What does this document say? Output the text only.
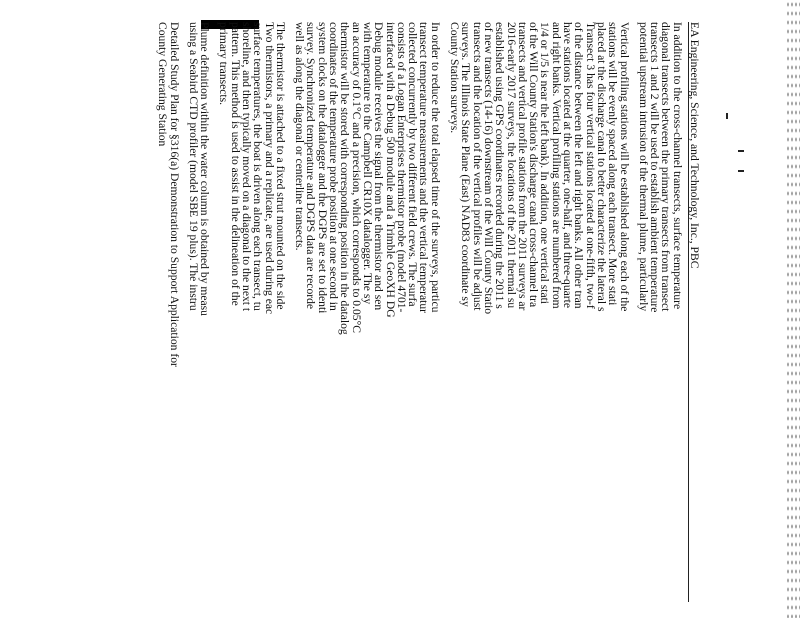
EA Engineering, Science, and Technology, Inc., PBC
In addition to the cross-channel transects, surface temperature
diagonal transects between the primary transects from transect
transects 1 and 2 will be used to establish ambient temperature
potential upstream intrusion of the thermal plume, particularly
Vertical profiling stations will be established along each of the
stations will be evenly spaced along each transect. More stati
placed at the discharge canal to better characterize the lateral s
Transect 3 has four vertical stations located at one-fifth, two-f
of the distance between the left and right banks. All other tran
have stations located at the quarter, one-half, and three-quarte
and right banks. Vertical profiling stations are numbered from
1/4 or 1/5 is near the left bank). In addition, one vertical stati
of the Will County Station's discharge canal cross-channel tra
transects and vertical profile stations from the 2011 surveys ar
2016-early 2017 surveys, the locations of the 2011 thermal su
established using GPS coordinates recorded during the 2011 s
of new transects (14-16) downstream of the Will County Statio
transects and the location of the vertical profiles will be adjust
surveys. The Illinois State Plane (East) NAD83 coordinate sy
County Station surveys.
In order to reduce the total elapsed time of the surveys, particu
transect temperature measurements and the vertical temperatur
collected concurrently by two different field crews. The surfa
consists of a Logan Enterprises thermistor probe (model 4701-
interfaced with a Debug 500 module and a Trimble GeoXH DG
Debug module receives the signal from the thermistor and sen
with temperature to the Campbell CR10X datalogger. The sy
an accuracy of 0.1°C and a precision, which corresponds to 0.05°C
thermistor will be stored with corresponding position in the datalog
coordinates of the temperature probe position at one second in
system clocks on the datalogger and the DGPS are set to identi
survey. Synchronized temperature and DGPS data are recorde
well as along the diagonal or centerline transects.
The thermistor is attached to a fixed strut mounted on the side
Two thermistors, a primary and a replicate, are used during eac
surface temperatures, the boat is driven along each transect, tu
shoreline, and then typically moved on a diagonal to the next t
pattern. This method is used to assist in the delineation of the
primary transects.
Plume definition within the water column is obtained by measu
using a Seabird CTD profiler (model SBE 19 plus). The instru
Detailed Study Plan for §316(a) Demonstration to Support Application for
County Generating Station
